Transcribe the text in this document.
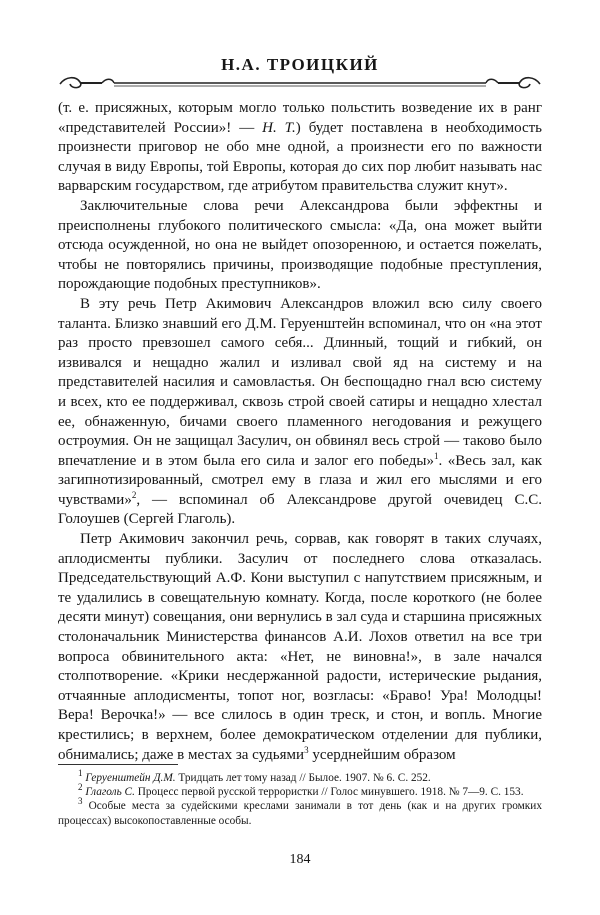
Н.А. ТРОИЦКИЙ

(т. е. присяжных, которым могло только польстить возведение их в ранг «представителей России»! — Н. Т.) будет поставлена в необходимость произнести приговор не обо мне одной, а произнести его по важности случая в виду Европы, той Европы, которая до сих пор любит называть нас варварским государством, где атрибутом правительства служит кнут».

Заключительные слова речи Александрова были эффектны и преисполнены глубокого политического смысла: «Да, она может выйти отсюда осужденной, но она не выйдет опозоренною, и остается пожелать, чтобы не повторялись причины, производящие подобные преступления, порождающие подобных преступников».

В эту речь Петр Акимович Александров вложил всю силу своего таланта. Близко знавший его Д.М. Геруенштейн вспоминал, что он «на этот раз просто превзошел самого себя... Длинный, тощий и гибкий, он извивался и нещадно жалил и изливал свой яд на систему и на представителей насилия и самовластья. Он беспощадно гнал всю систему и всех, кто ее поддерживал, сквозь строй своей сатиры и нещадно хлестал ее, обнаженную, бичами своего пламенного негодования и режущего остроумия. Он не защищал Засулич, он обвинял весь строй — таково было впечатление и в этом была его сила и залог его победы»$^1$. «Весь зал, как загипнотизированный, смотрел ему в глаза и жил его мыслями и его чувствами»$^2$, — вспоминал об Александрове другой очевидец С.С. Голоушев (Сергей Глаголь).

Петр Акимович закончил речь, сорвав, как говорят в таких случаях, аплодисменты публики. Засулич от последнего слова отказалась. Председательствующий А.Ф. Кони выступил с напутствием присяжным, и те удалились в совещательную комнату. Когда, после короткого (не более десяти минут) совещания, они вернулись в зал суда и старшина присяжных столоначальник Министерства финансов А.И. Лохов ответил на все три вопроса обвинительного акта: «Нет, не виновна!», в зале начался столпотворение. «Крики несдержанной радости, истерические рыдания, отчаянные аплодисменты, топот ног, возгласы: «Браво! Ура! Молодцы! Вера! Верочка!» — все слилось в один треск, и стон, и вопль. Многие крестились; в верхнем, более демократическом отделении для публики, обнимались; даже в местах за судьями$^3$ усерднейшим образом

$^1$ Геруенштейн Д.М. Тридцать лет тому назад // Былое. 1907. № 6. С. 252.

$^2$ Глаголь С. Процесс первой русской террористки // Голос минувшего. 1918. № 7—9. С. 153.

$^3$ Особые места за судейскими креслами занимали в тот день (как и на других громких процессах) высокопоставленные особы.

184
